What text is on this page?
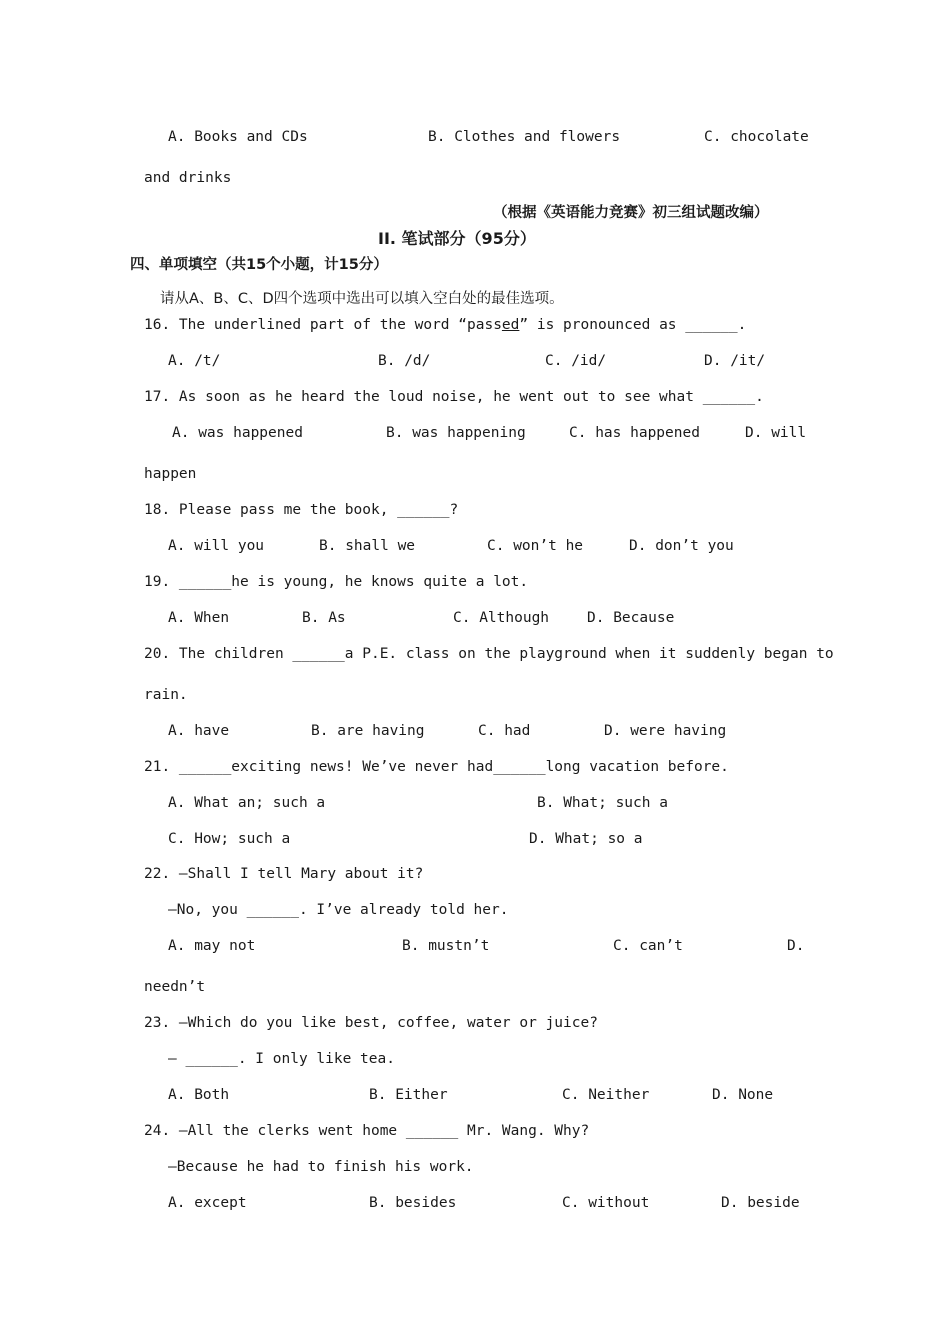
A. Books and CDs	B. Clothes and flowers	C. chocolate
and drinks
（根据《英语能力竞赛》初三组试题改编）
II. 笔试部分（95分）
四、单项填空（共15个小题，计15分）
请从A、B、C、D四个选项中选出可以填入空白处的最佳选项。
16. The underlined part of the word “passed” is pronounced as ______.
A. /t/	B. /d/	C. /id/	D. /it/
17. As soon as he heard the loud noise, he went out to see what ______.
A. was happened	B. was happening	C. has happened	D. will
happen
18. Please pass me the book, ______?
A. will you	B. shall we	C. won’t he	D. don’t you
19. ______he is young, he knows quite a lot.
A. When	B. As	C. Although	D. Because
20. The children ______a P.E. class on the playground when it suddenly began to
rain.
A. have	B. are having	C. had	D. were having
21. ______exciting news! We’ve never had______long vacation before.
A. What an; such a	B. What; such a
C. How; such a	D. What; so a
22. —Shall I tell Mary about it?
—No, you ______. I’ve already told her.
A. may not	B. mustn’t	C. can’t	D.
needn’t
23. —Which do you like best, coffee, water or juice?
— ______. I only like tea.
A. Both	B. Either	C. Neither	D. None
24. —All the clerks went home ______ Mr. Wang. Why?
—Because he had to finish his work.
A. except	B. besides	C. without	D. beside
